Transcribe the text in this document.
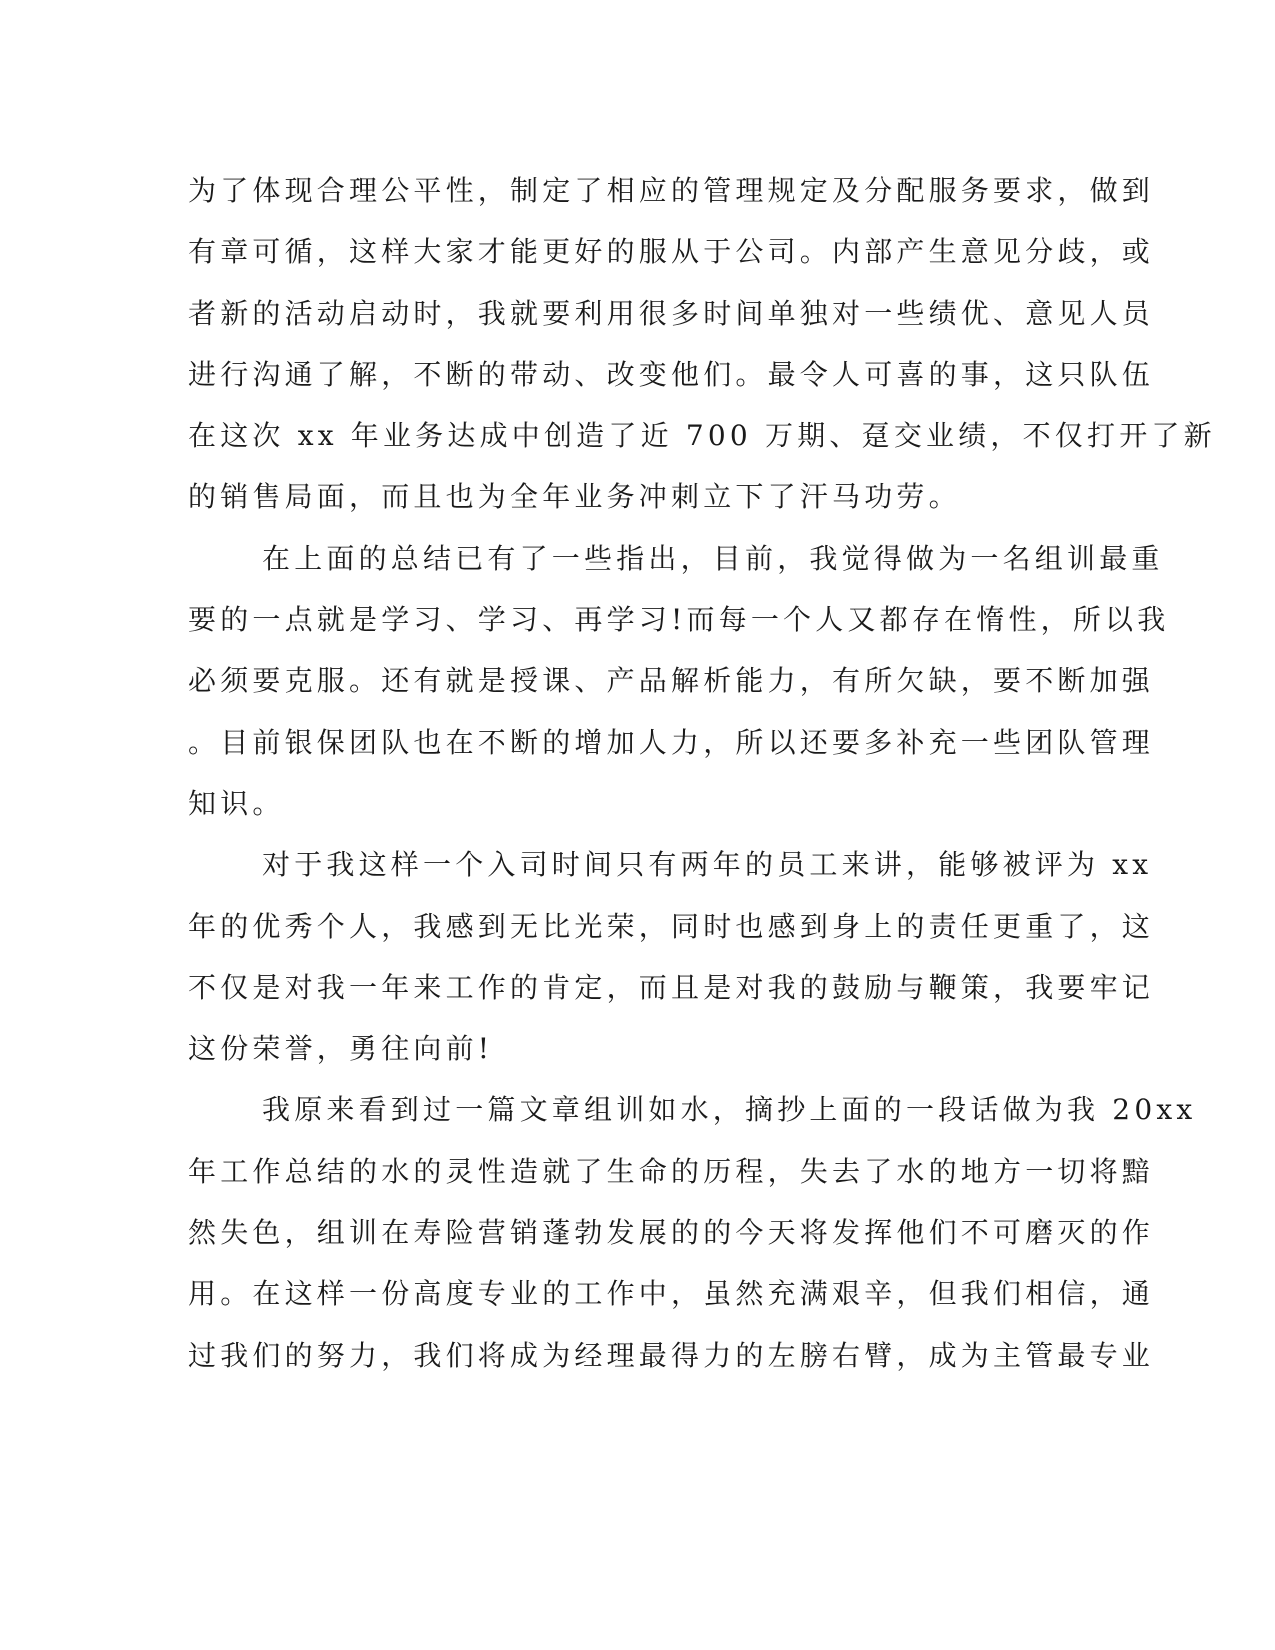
为了体现合理公平性，制定了相应的管理规定及分配服务要求，做到
有章可循，这样大家才能更好的服从于公司。内部产生意见分歧，或
者新的活动启动时，我就要利用很多时间单独对一些绩优、意见人员
进行沟通了解，不断的带动、改变他们。最令人可喜的事，这只队伍
在这次 xx 年业务达成中创造了近 700 万期、趸交业绩，不仅打开了新
的销售局面，而且也为全年业务冲刺立下了汗马功劳。
在上面的总结已有了一些指出，目前，我觉得做为一名组训最重
要的一点就是学习、学习、再学习!而每一个人又都存在惰性，所以我
必须要克服。还有就是授课、产品解析能力，有所欠缺，要不断加强
。目前银保团队也在不断的增加人力，所以还要多补充一些团队管理
知识。
对于我这样一个入司时间只有两年的员工来讲，能够被评为 xx
年的优秀个人，我感到无比光荣，同时也感到身上的责任更重了，这
不仅是对我一年来工作的肯定，而且是对我的鼓励与鞭策，我要牢记
这份荣誉，勇往向前!
我原来看到过一篇文章组训如水，摘抄上面的一段话做为我 20xx
年工作总结的水的灵性造就了生命的历程，失去了水的地方一切将黯
然失色，组训在寿险营销蓬勃发展的的今天将发挥他们不可磨灭的作
用。在这样一份高度专业的工作中，虽然充满艰辛，但我们相信，通
过我们的努力，我们将成为经理最得力的左膀右臂，成为主管最专业
